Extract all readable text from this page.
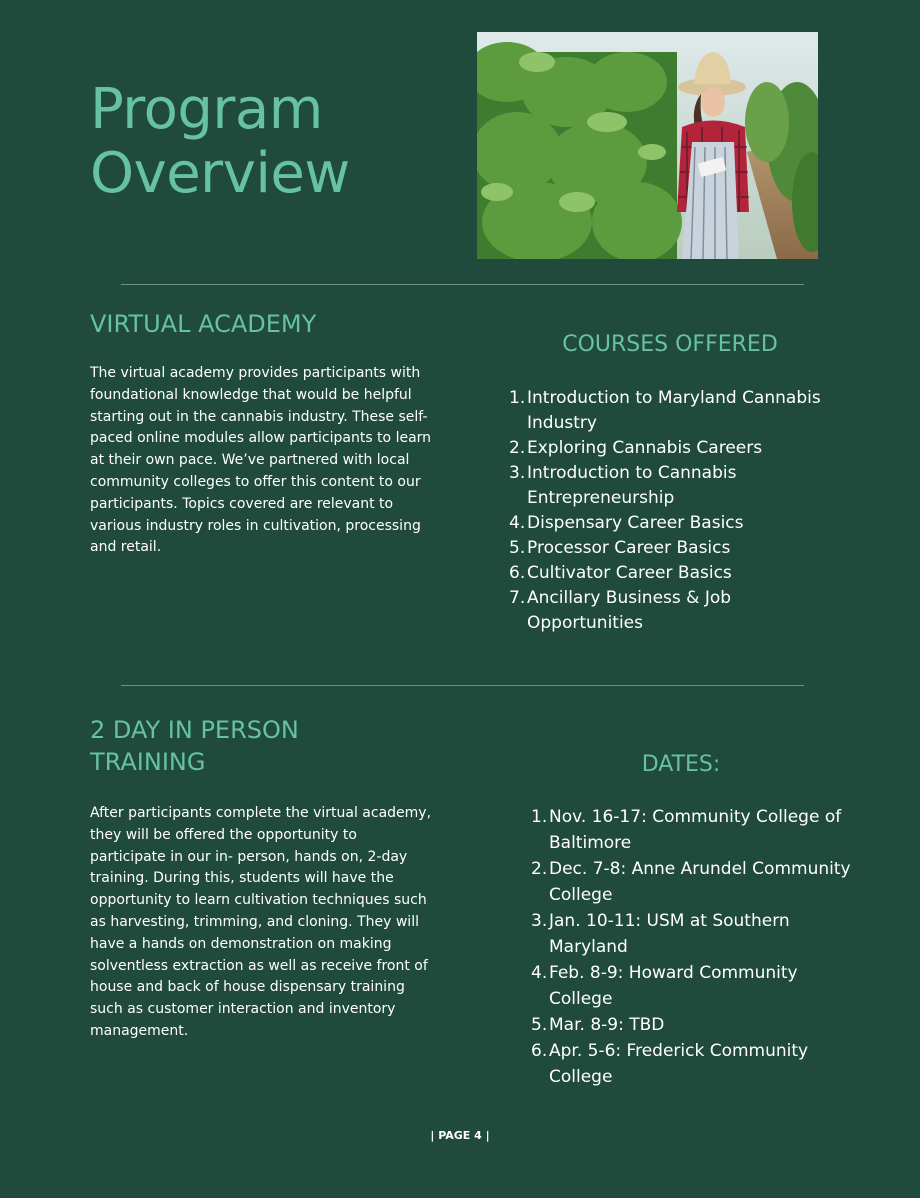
Program
Overview
VIRTUAL ACADEMY

The virtual academy provides participants with foundational knowledge that would be helpful starting out in the cannabis industry. These self-paced online modules allow participants to learn at their own pace. We’ve partnered with local community colleges to offer this content to our participants. Topics covered are relevant to various industry roles in cultivation, processing and retail.

COURSES OFFERED
1. Introduction to Maryland Cannabis Industry
2. Exploring Cannabis Careers
3. Introduction to Cannabis Entrepreneurship
4. Dispensary Career Basics
5. Processor Career Basics
6. Cultivator Career Basics
7. Ancillary Business & Job Opportunities
2 DAY IN PERSON TRAINING

After participants complete the virtual academy, they will be offered the opportunity to participate in our in- person, hands on, 2-day training. During this, students will have the opportunity to learn cultivation techniques such as harvesting, trimming, and cloning. They will have a hands on demonstration on making solventless extraction as well as receive front of house and back of house dispensary training such as customer interaction and inventory management.

DATES:
1. Nov. 16-17: Community College of Baltimore
2. Dec. 7-8: Anne Arundel Community College
3. Jan. 10-11: USM at Southern Maryland
4. Feb. 8-9: Howard Community College
5. Mar. 8-9: TBD
6. Apr. 5-6: Frederick Community College
| PAGE 4 |
